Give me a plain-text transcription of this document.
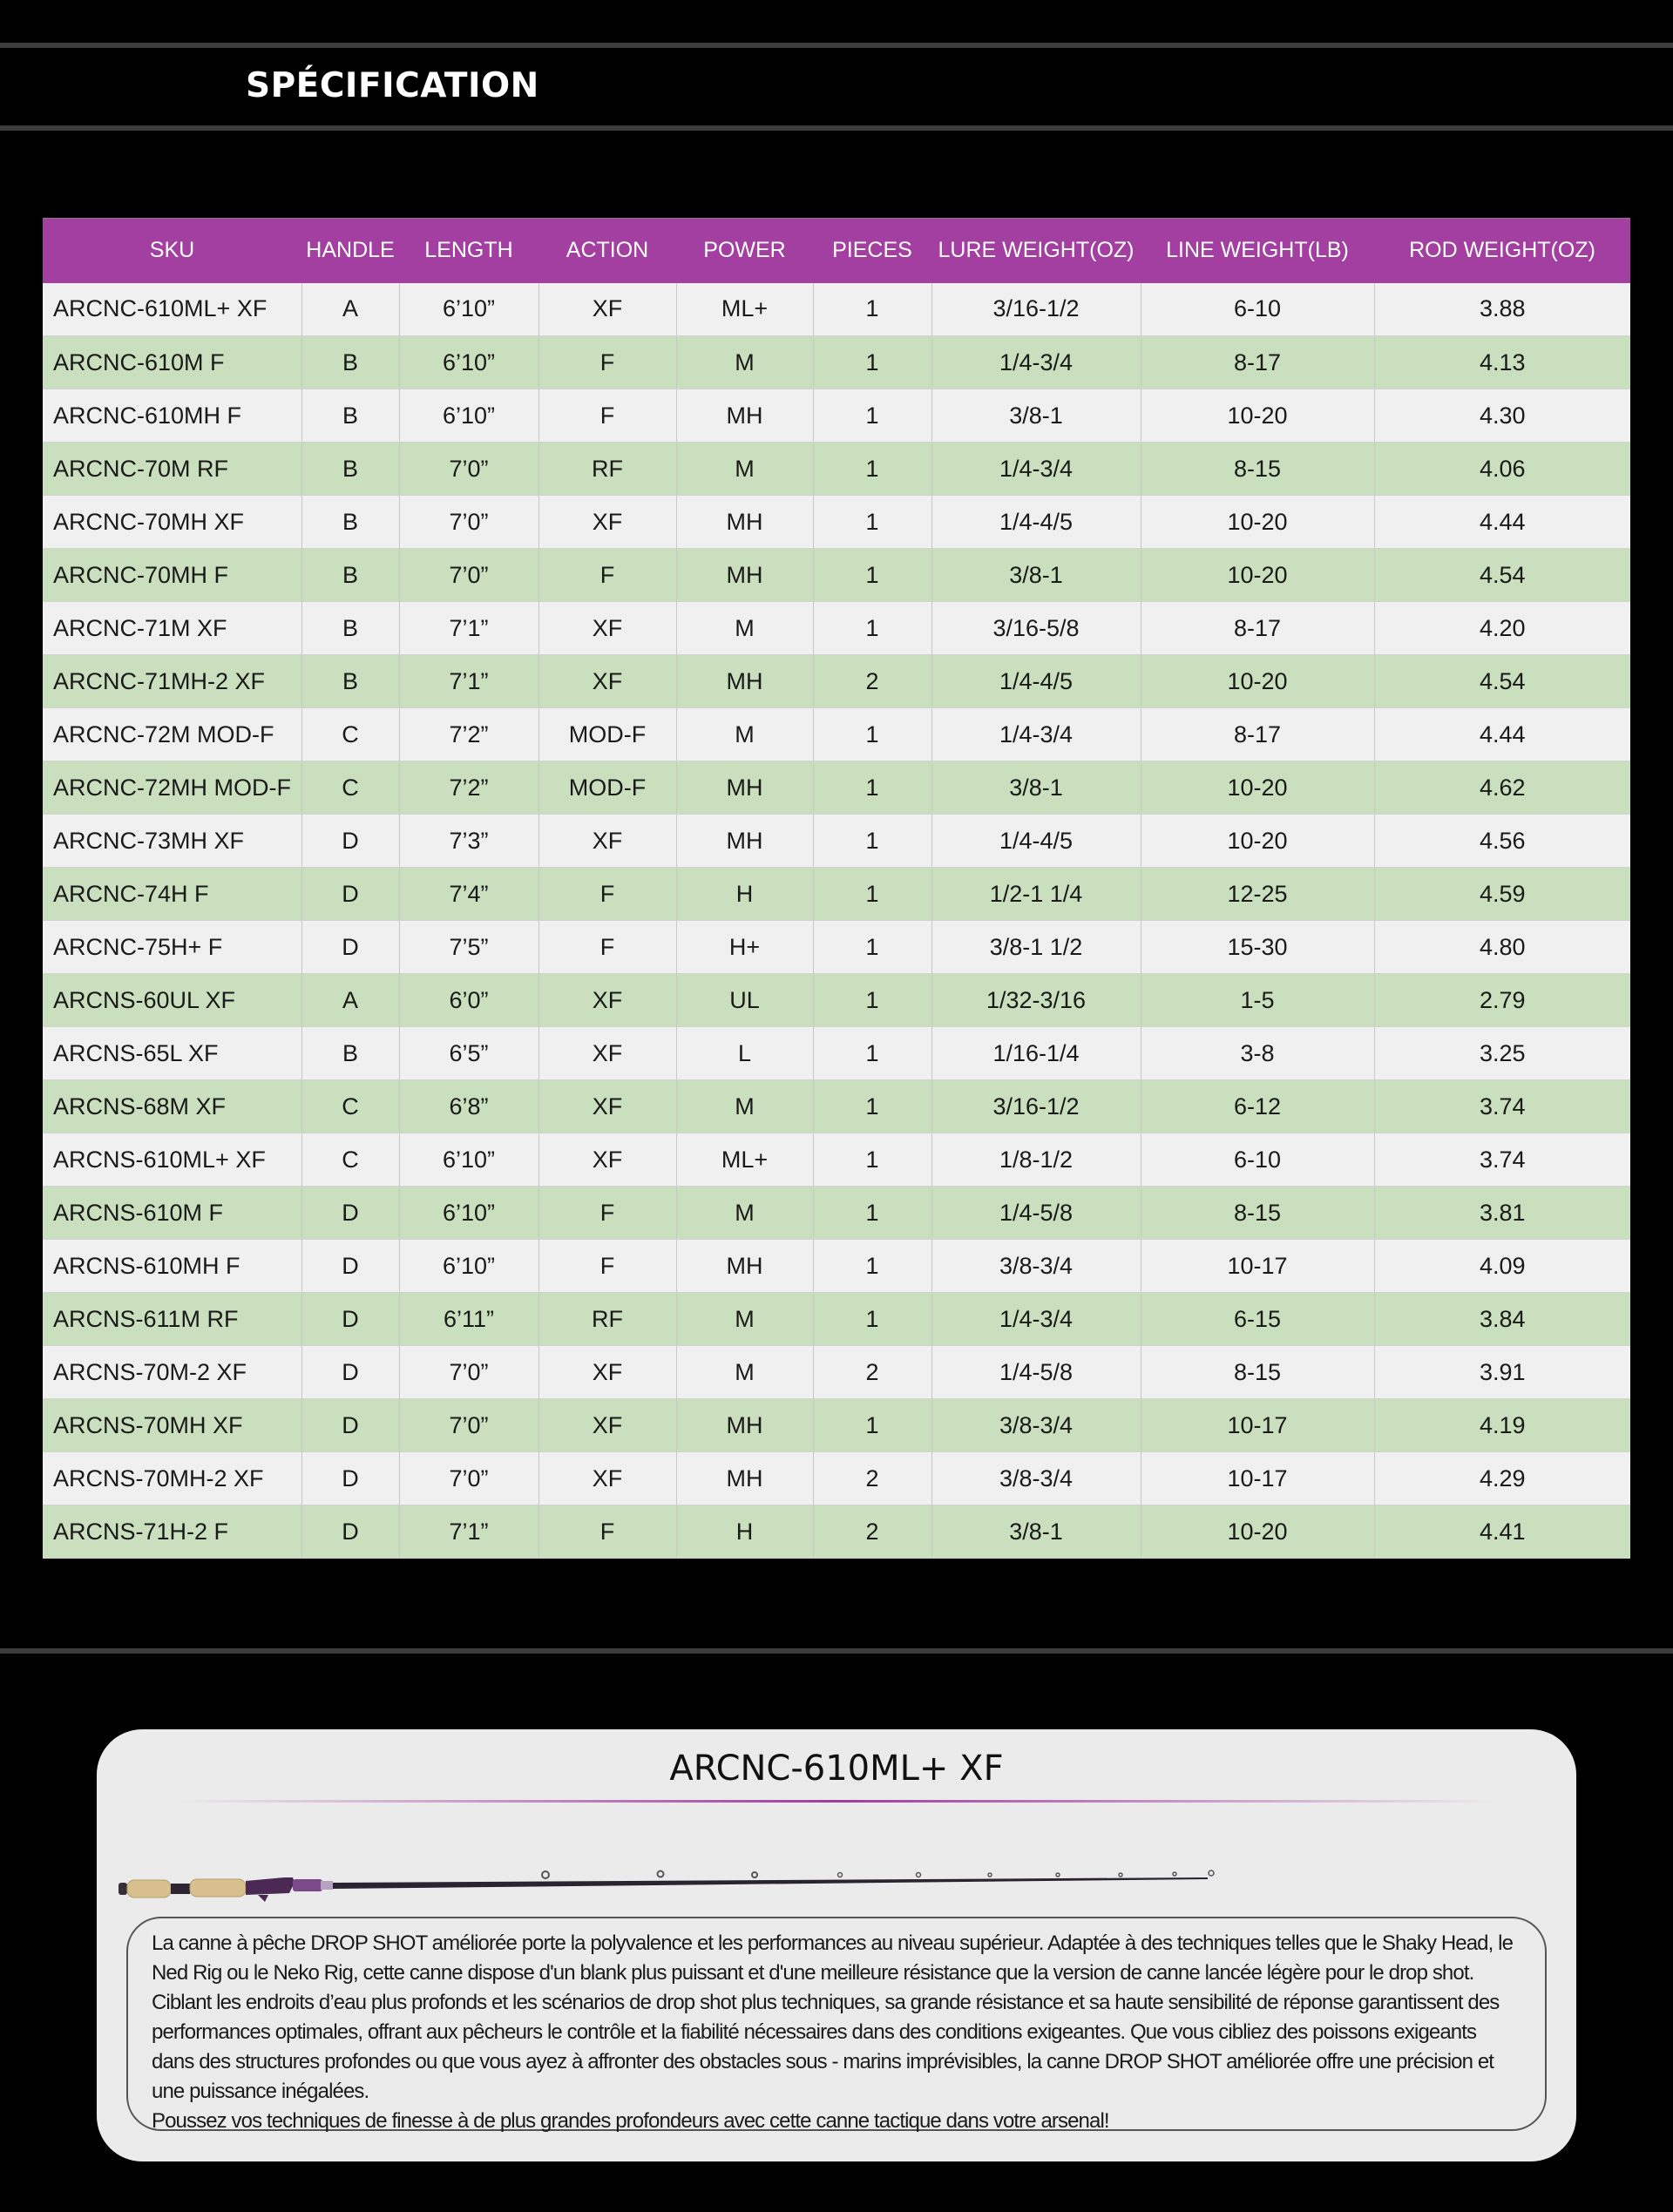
SPÉCIFICATION
SKU	HANDLE	LENGTH	ACTION	POWER	PIECES	LURE WEIGHT(OZ)	LINE WEIGHT(LB)	ROD WEIGHT(OZ)
ARCNC-610ML+ XF	A	6’10”	XF	ML+	1	3/16-1/2	6-10	3.88
ARCNC-610M F	B	6’10”	F	M	1	1/4-3/4	8-17	4.13
ARCNC-610MH F	B	6’10”	F	MH	1	3/8-1	10-20	4.30
ARCNC-70M RF	B	7’0”	RF	M	1	1/4-3/4	8-15	4.06
ARCNC-70MH XF	B	7’0”	XF	MH	1	1/4-4/5	10-20	4.44
ARCNC-70MH F	B	7’0”	F	MH	1	3/8-1	10-20	4.54
ARCNC-71M XF	B	7’1”	XF	M	1	3/16-5/8	8-17	4.20
ARCNC-71MH-2 XF	B	7’1”	XF	MH	2	1/4-4/5	10-20	4.54
ARCNC-72M MOD-F	C	7’2”	MOD-F	M	1	1/4-3/4	8-17	4.44
ARCNC-72MH MOD-F	C	7’2”	MOD-F	MH	1	3/8-1	10-20	4.62
ARCNC-73MH XF	D	7’3”	XF	MH	1	1/4-4/5	10-20	4.56
ARCNC-74H F	D	7’4”	F	H	1	1/2-1 1/4	12-25	4.59
ARCNC-75H+ F	D	7’5”	F	H+	1	3/8-1 1/2	15-30	4.80
ARCNS-60UL XF	A	6’0”	XF	UL	1	1/32-3/16	1-5	2.79
ARCNS-65L XF	B	6’5”	XF	L	1	1/16-1/4	3-8	3.25
ARCNS-68M XF	C	6’8”	XF	M	1	3/16-1/2	6-12	3.74
ARCNS-610ML+ XF	C	6’10”	XF	ML+	1	1/8-1/2	6-10	3.74
ARCNS-610M F	D	6’10”	F	M	1	1/4-5/8	8-15	3.81
ARCNS-610MH F	D	6’10”	F	MH	1	3/8-3/4	10-17	4.09
ARCNS-611M RF	D	6’11”	RF	M	1	1/4-3/4	6-15	3.84
ARCNS-70M-2 XF	D	7’0”	XF	M	2	1/4-5/8	8-15	3.91
ARCNS-70MH XF	D	7’0”	XF	MH	1	3/8-3/4	10-17	4.19
ARCNS-70MH-2 XF	D	7’0”	XF	MH	2	3/8-3/4	10-17	4.29
ARCNS-71H-2 F	D	7’1”	F	H	2	3/8-1	10-20	4.41
ARCNC-610ML+ XF
La canne à pêche DROP SHOT améliorée porte la polyvalence et les performances au niveau supérieur. Adaptée à des techniques telles que le Shaky Head, le
Ned Rig ou le Neko Rig, cette canne dispose d'un blank plus puissant et d'une meilleure résistance que la version de canne lancée légère pour le drop shot.
Ciblant les endroits d’eau plus profonds et les scénarios de drop shot plus techniques, sa grande résistance et sa haute sensibilité de réponse garantissent des
performances optimales, offrant aux pêcheurs le contrôle et la fiabilité nécessaires dans des conditions exigeantes. Que vous cibliez des poissons exigeants
dans des structures profondes ou que vous ayez à affronter des obstacles sous - marins imprévisibles, la canne DROP SHOT améliorée offre une précision et
une puissance inégalées.
Poussez vos techniques de finesse à de plus grandes profondeurs avec cette canne tactique dans votre arsenal!
